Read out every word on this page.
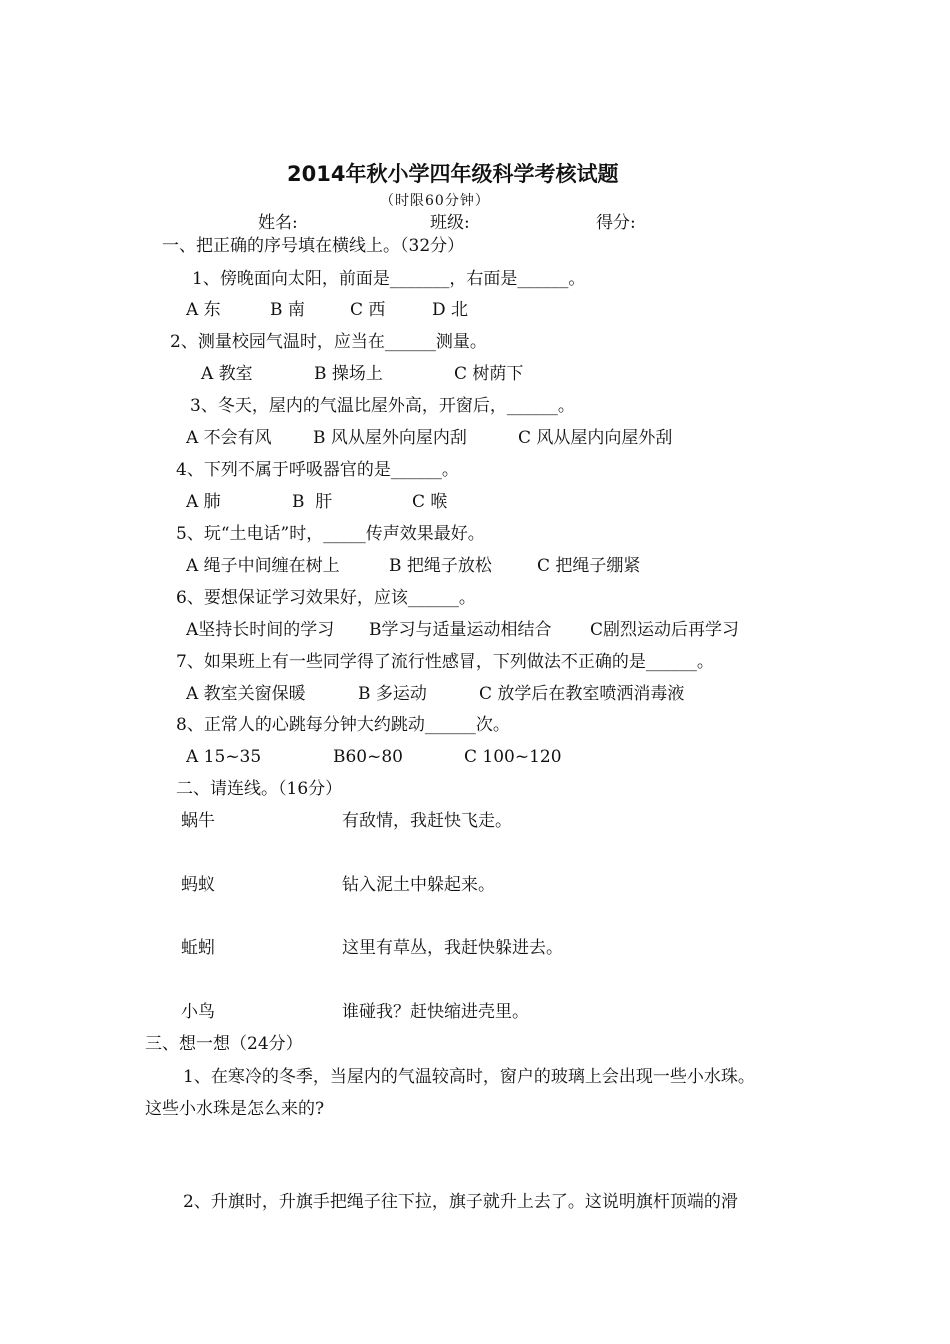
2014年秋小学四年级科学考核试题
（时限60分钟）
姓名:	班级:	得分:
一、把正确的序号填在横线上。（32分）
1、傍晚面向太阳，前面是_______，右面是______。
A 东	B 南	C 西	D 北
2、测量校园气温时，应当在______测量。
A 教室	B 操场上	C 树荫下
3、冬天，屋内的气温比屋外高，开窗后，______。
A 不会有风 B 风从屋外向屋内刮	C 风从屋内向屋外刮
4、下列不属于呼吸器官的是______。
A 肺	B  肝	C 喉
5、玩“土电话”时，_____传声效果最好。
A 绳子中间缠在树上	B 把绳子放松	C 把绳子绷紧
6、要想保证学习效果好，应该______。
A坚持长时间的学习 B学习与适量运动相结合 C剧烈运动后再学习
7、如果班上有一些同学得了流行性感冒，下列做法不正确的是______。
A 教室关窗保暖	B 多运动	C 放学后在教室喷洒消毒液
8、正常人的心跳每分钟大约跳动______次。
A 15~35	B60~80	C 100~120
二、请连线。（16分）
蜗牛	有敌情，我赶快飞走。
蚂蚁	钻入泥土中躲起来。
蚯蚓	这里有草丛，我赶快躲进去。
小鸟	谁碰我？赶快缩进壳里。
三、想一想（24分）
1、在寒冷的冬季，当屋内的气温较高时，窗户的玻璃上会出现一些小水珠。
这些小水珠是怎么来的?
2、升旗时，升旗手把绳子往下拉，旗子就升上去了。这说明旗杆顶端的滑
